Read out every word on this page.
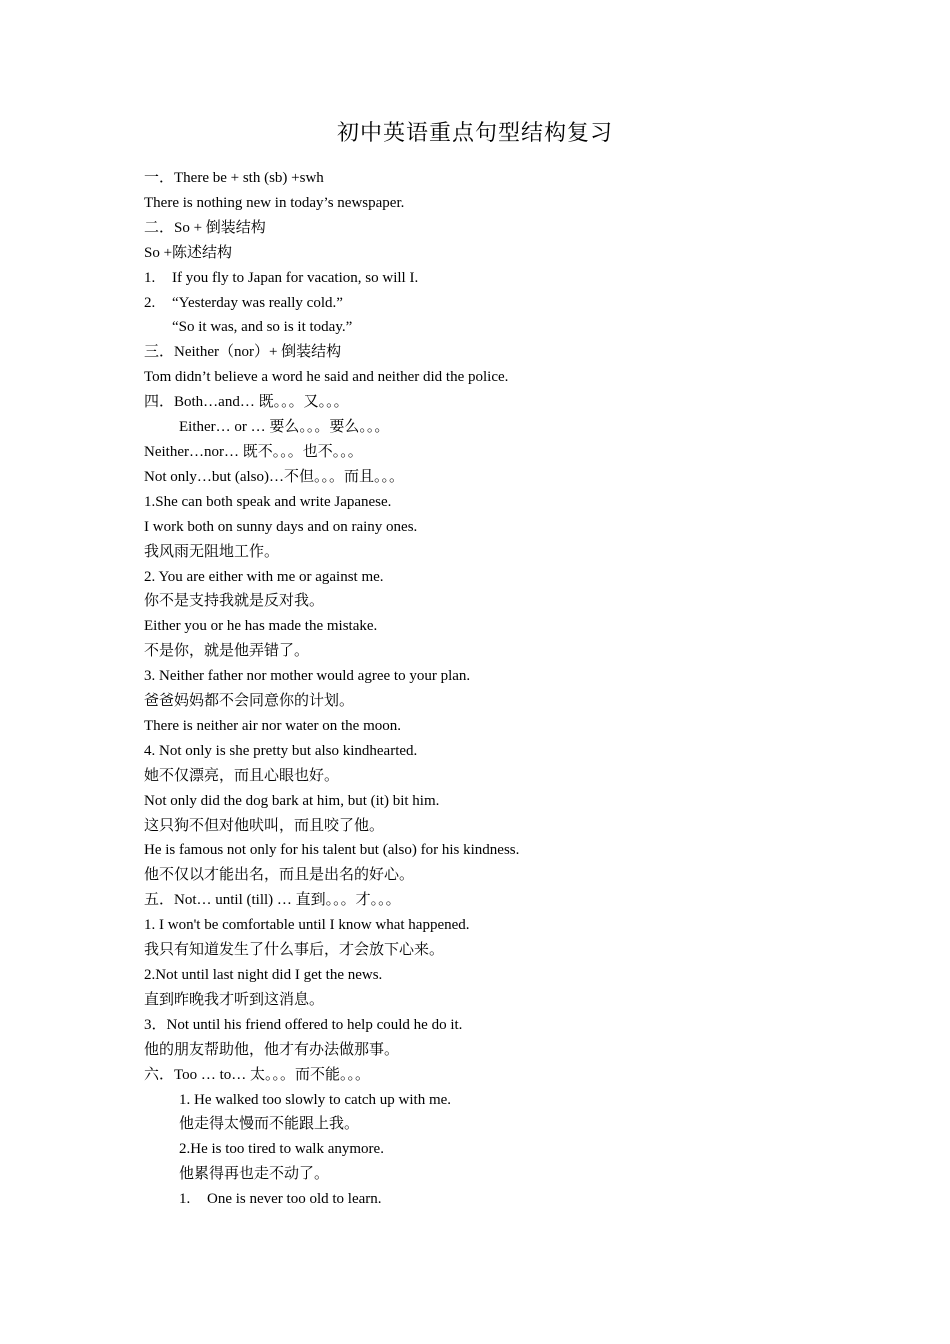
初中英语重点句型结构复习
一．There be + sth (sb) +swh
There is nothing new in today’s newspaper.
二．So + 倒装结构
So +陈述结构
1. If you fly to Japan for vacation, so will I.
2. “Yesterday was really cold.”
“So it was, and so is it today.”
三．Neither（nor）+ 倒装结构
Tom didn’t believe a word he said and neither did the police.
四．Both…and… 既。。。又。。。
Either… or … 要么。。。要么。。。
Neither…nor… 既不。。。也不。。。
Not only…but (also)…不但。。。而且。。。
1.She can both speak and write Japanese.
I work both on sunny days and on rainy ones.
我风雨无阻地工作。
2. You are either with me or against me.
你不是支持我就是反对我。
Either you or he has made the mistake.
不是你，就是他弄错了。
3. Neither father nor mother would agree to your plan.
爸爸妈妈都不会同意你的计划。
There is neither air nor water on the moon.
4. Not only is she pretty but also kindhearted.
她不仅漂亮，而且心眼也好。
Not only did the dog bark at him, but (it) bit him.
这只狗不但对他吠叫，而且咬了他。
He is famous not only for his talent but (also) for his kindness.
他不仅以才能出名，而且是出名的好心。
五．Not… until (till) … 直到。。。才。。。
1. I won't be comfortable until I know what happened.
我只有知道发生了什么事后，才会放下心来。
2.Not until last night did I get the news.
直到昨晚我才听到这消息。
3．Not until his friend offered to help could he do it.
他的朋友帮助他，他才有办法做那事。
六．Too … to… 太。。。而不能。。。
1. He walked too slowly to catch up with me.
他走得太慢而不能跟上我。
2.He is too tired to walk anymore.
他累得再也走不动了。
1. One is never too old to learn.
